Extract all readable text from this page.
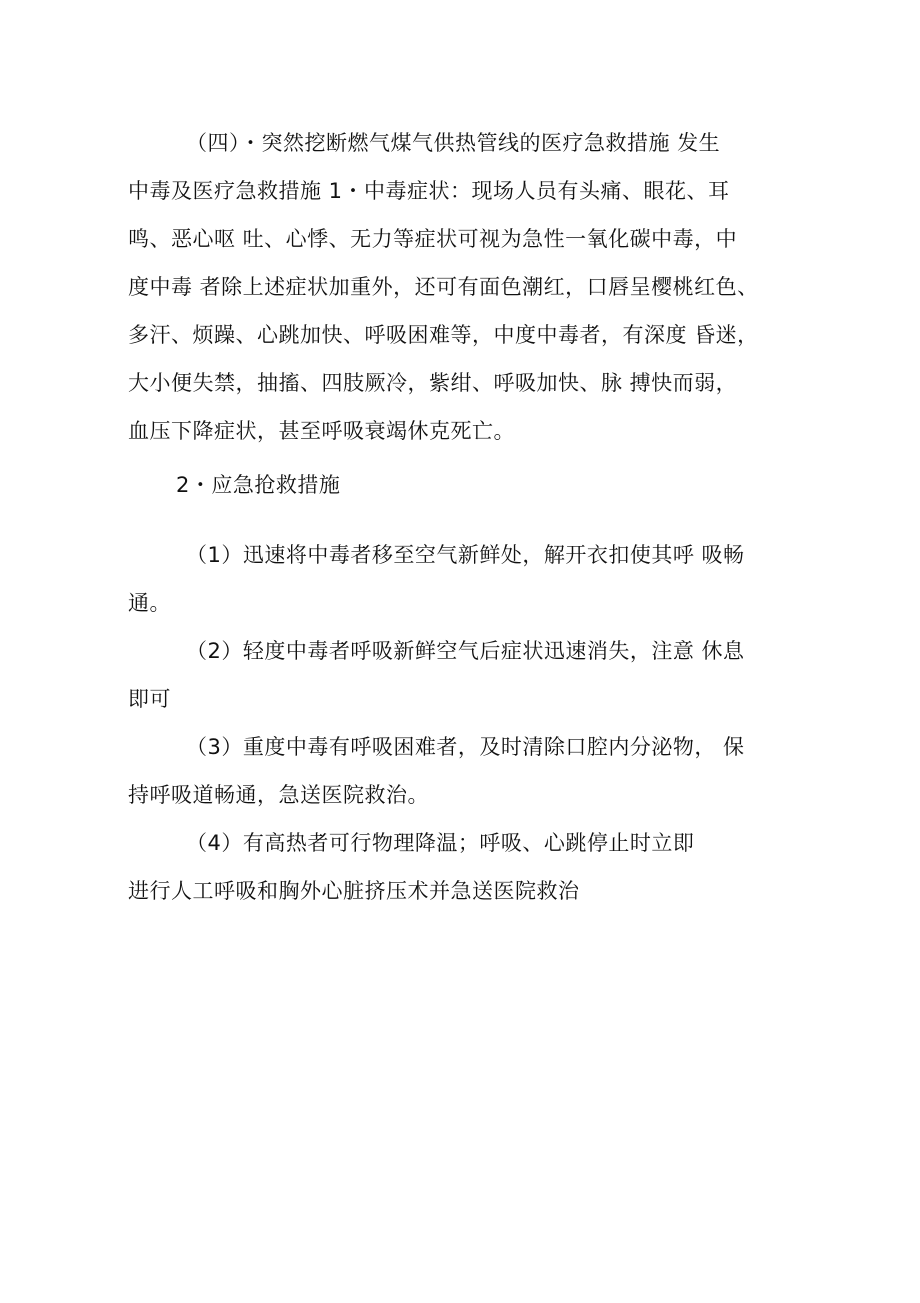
（四）・突然挖断燃气煤气供热管线的医疗急救措施 发生
中毒及医疗急救措施 1・中毒症状：现场人员有头痛、眼花、耳
鸣、恶心呕 吐、心悸、无力等症状可视为急性一氧化碳中毒，中
度中毒 者除上述症状加重外，还可有面色潮红，口唇呈樱桃红色、
多汗、烦躁、心跳加快、呼吸困难等，中度中毒者，有深度 昏迷，
大小便失禁，抽搐、四肢厥冷，紫绀、呼吸加快、脉 搏快而弱，
血压下降症状，甚至呼吸衰竭休克死亡。
2・应急抢救措施
（1）迅速将中毒者移至空气新鲜处，解开衣扣使其呼 吸畅
通。
（2）轻度中毒者呼吸新鲜空气后症状迅速消失，注意 休息
即可
（3）重度中毒有呼吸困难者，及时清除口腔内分泌物， 保
持呼吸道畅通，急送医院救治。
（4）有高热者可行物理降温；呼吸、心跳停止时立即
进行人工呼吸和胸外心脏挤压术并急送医院救治
